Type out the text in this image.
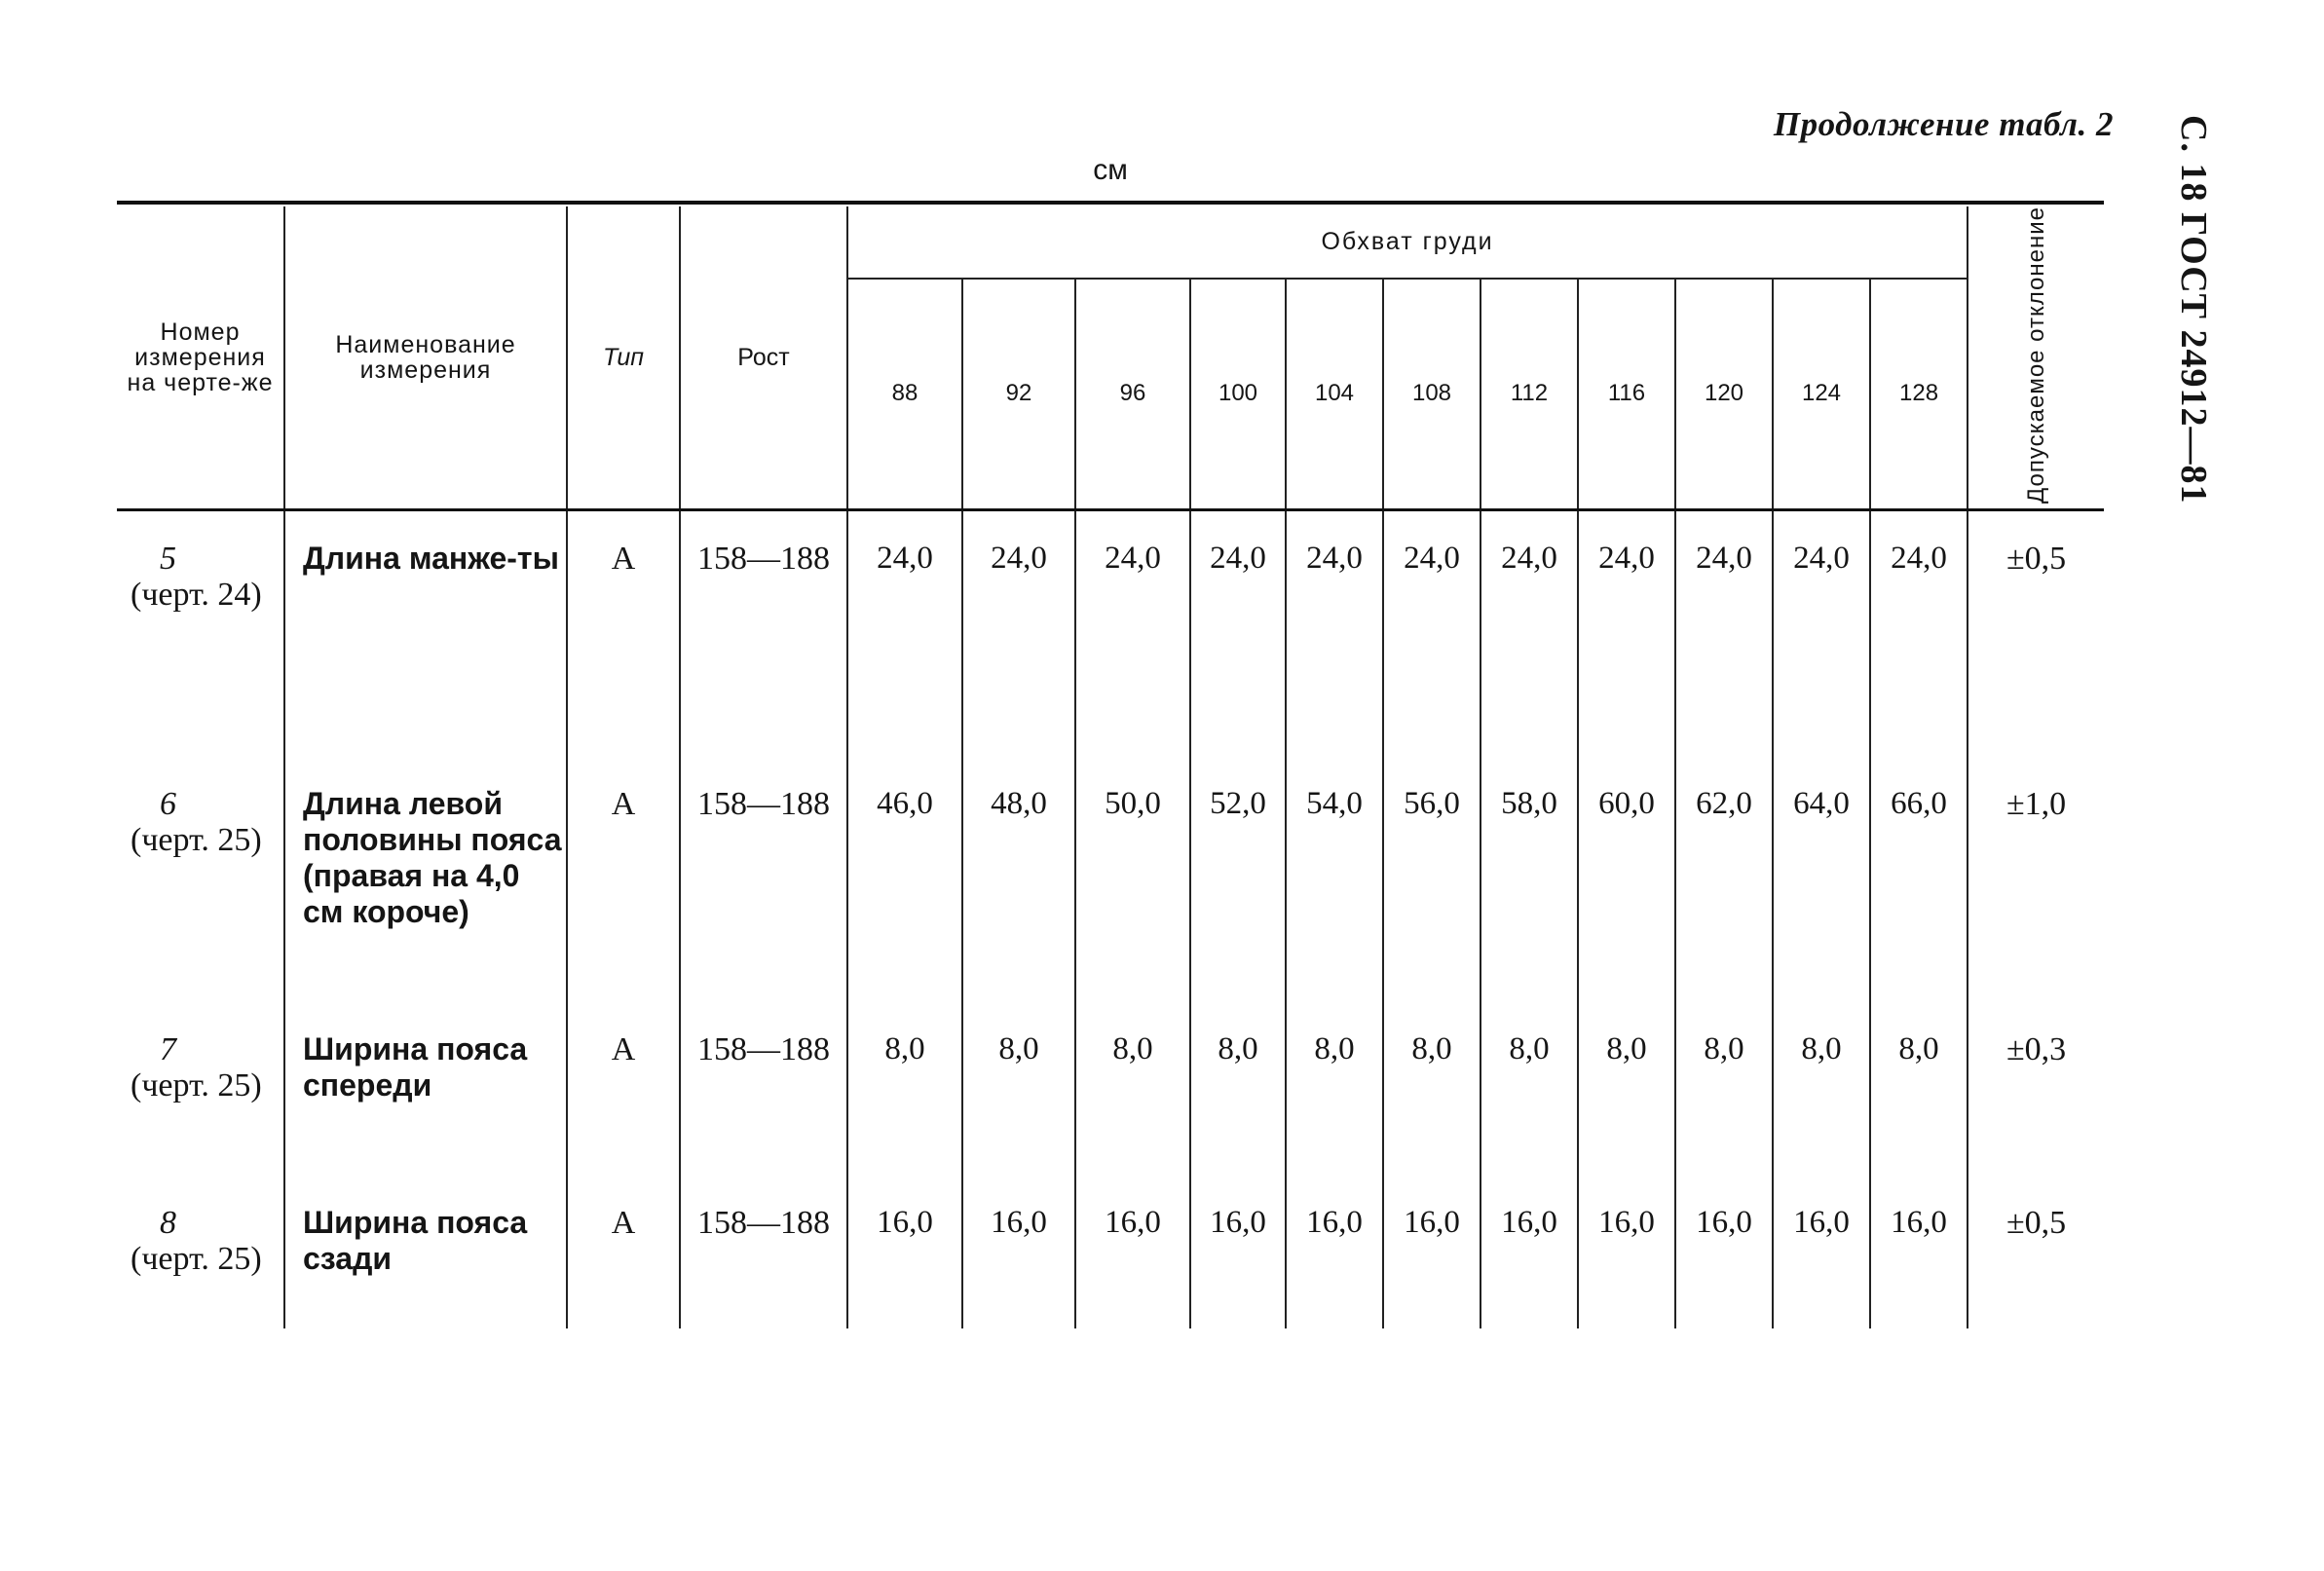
Продолжение табл. 2 С. 18 ГОСТ 24912—81
см
Номер измерения на черте-же	Наименование измерения	Тип	Рост	Обхват груди											Допускаемое отклонение
				88	92	96	100	104	108	112	116	120	124	128	

5
(черт. 24)	Длина манже-ты	А	158—188	24,0	24,0	24,0	24,0	24,0	24,0	24,0	24,0	24,0	24,0	24,0	±0,5

6
(черт. 25)	Длина левой половины пояса (правая на 4,0 см короче)	А	158—188	46,0	48,0	50,0	52,0	54,0	56,0	58,0	60,0	62,0	64,0	66,0	±1,0

7
(черт. 25)	Ширина пояса спереди	А	158—188	8,0	8,0	8,0	8,0	8,0	8,0	8,0	8,0	8,0	8,0	8,0	±0,3

8
(черт. 25)	Ширина пояса сзади	А	158—188	16,0	16,0	16,0	16,0	16,0	16,0	16,0	16,0	16,0	16,0	16,0	±0,5
